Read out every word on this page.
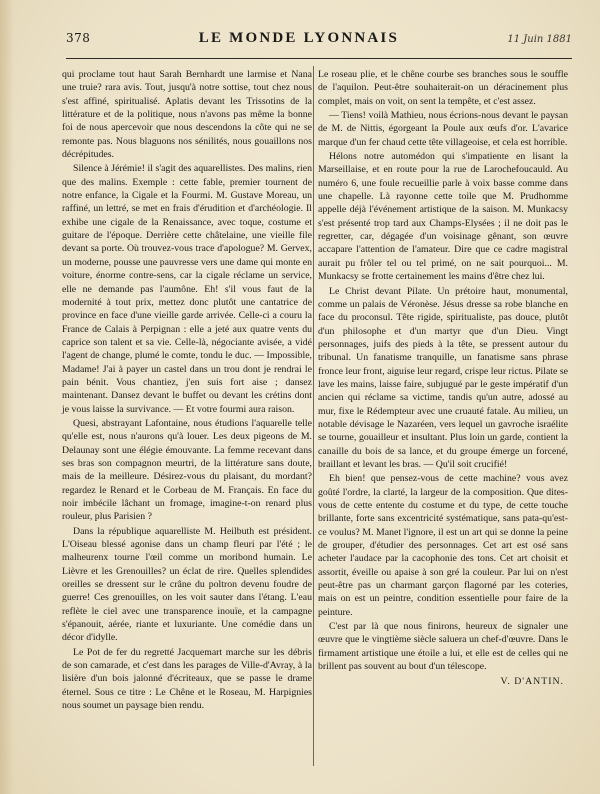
378	LE MONDE LYONNAIS	11 Juin 1881

qui proclame tout haut Sarah Bernhardt une larmise et Nana une truie? rara avis. Tout, jusqu'à notre sottise, tout chez nous s'est affiné, spiritualisé. Aplatis devant les Trissotins de la littérature et de la politique, nous n'avons pas même la bonne foi de nous apercevoir que nous descendons la côte qui ne se remonte pas. Nous blaguons nos sénilités, nous gouaillons nos décrépitudes.

Silence à Jérémie! il s'agit des aquarellistes. Des malins, rien que des malins. Exemple : cette fable, premier tournent de notre enfance, la Cigale et la Fourmi. M. Gustave Moreau, un raffiné, un lettré, se met en frais d'érudition et d'archéologie. Il exhibe une cigale de la Renaissance, avec toque, costume et guitare de l'époque. Derrière cette châtelaine, une vieille file devant sa porte. Où trouvez-vous trace d'apologue? M. Gervex, un moderne, pousse une pauvresse vers une dame qui monte en voiture, énorme contre-sens, car la cigale réclame un service, elle ne demande pas l'aumône. Eh! s'il vous faut de la modernité à tout prix, mettez donc plutôt une cantatrice de province en face d'une vieille garde arrivée. Celle-ci a couru la France de Calais à Perpignan : elle a jeté aux quatre vents du caprice son talent et sa vie. Celle-là, négociante avisée, a vidé l'agent de change, plumé le comte, tondu le duc. — Impossible, Madame! J'ai à payer un castel dans un trou dont je rendrai le pain bénit. Vous chantiez, j'en suis fort aise ; dansez maintenant. Dansez devant le buffet ou devant les crétins dont je vous laisse la survivance. — Et votre fourmi aura raison.

Quesi, abstrayant Lafontaine, nous étudions l'aquarelle telle qu'elle est, nous n'aurons qu'à louer. Les deux pigeons de M. Delaunay sont une élégie émouvante. La femme recevant dans ses bras son compagnon meurtri, de la littérature sans doute, mais de la meilleure. Désirez-vous du plaisant, du mordant? regardez le Renard et le Corbeau de M. Français. En face du noir imbécile lâchant un fromage, imagine-t-on renard plus rouleur, plus Parisien ?

Dans la république aquarelliste M. Heilbuth est président. L'Oiseau blessé agonise dans un champ fleuri par l'été ; le malheurenx tourne l'œil comme un moribond humain. Le Lièvre et les Grenouilles? un éclat de rire. Quelles splendides oreilles se dressent sur le crâne du poltron devenu foudre de guerre! Ces grenouilles, on les voit sauter dans l'étang. L'eau reflète le ciel avec une transparence inouïe, et la campagne s'épanouit, aérée, riante et luxuriante. Une comédie dans un décor d'idylle.

Le Pot de fer du regretté Jacquemart marche sur les débris de son camarade, et c'est dans les parages de Ville-d'Avray, à la lisière d'un bois jalonné d'écriteaux, que se passe le drame éternel. Sous ce titre : Le Chêne et le Roseau, M. Harpignies nous soumet un paysage bien rendu.

Le roseau plie, et le chêne courbe ses branches sous le souffle de l'aquilon. Peut-être souhaiterait-on un déracinement plus complet, mais on voit, on sent la tempête, et c'est assez.

— Tiens! voilà Mathieu, nous écrions-nous devant le paysan de M. de Nittis, égorgeant la Poule aux œufs d'or. L'avarice marque d'un fer chaud cette tête villageoise, et cela est horrible.

Hélons notre automédon qui s'impatiente en lisant la Marseillaise, et en route pour la rue de Larochefoucauld. Au numéro 6, une foule recueillie parle à voix basse comme dans une chapelle. Là rayonne cette toile que M. Prudhomme appelle déjà l'événement artistique de la saison. M. Munkacsy s'est présenté trop tard aux Champs-Elysées ; il ne doit pas le regretter, car, dégagée d'un voisinage gênant, son œuvre accapare l'attention de l'amateur. Dire que ce cadre magistral aurait pu frôler tel ou tel primé, on ne sait pourquoi... M. Munkacsy se frotte certainement les mains d'être chez lui.

Le Christ devant Pilate. Un prétoire haut, monumental, comme un palais de Véronèse. Jésus dresse sa robe blanche en face du proconsul. Tête rigide, spiritualiste, pas douce, plutôt d'un philosophe et d'un martyr que d'un Dieu. Vingt personnages, juifs des pieds à la tête, se pressent autour du tribunal. Un fanatisme tranquille, un fanatisme sans phrase fronce leur front, aiguise leur regard, crispe leur rictus. Pilate se lave les mains, laisse faire, subjugué par le geste impératif d'un ancien qui réclame sa victime, tandis qu'un autre, adossé au mur, fixe le Rédempteur avec une cruauté fatale. Au milieu, un notable dévisage le Nazaréen, vers lequel un gavroche israélite se tourne, gouailleur et insultant. Plus loin un garde, contient la canaille du bois de sa lance, et du groupe émerge un forcené, braillant et levant les bras. — Qu'il soit crucifié!

Eh bien! que pensez-vous de cette machine? vous avez goûté l'ordre, la clarté, la largeur de la composition. Que dites-vous de cette entente du costume et du type, de cette touche brillante, forte sans excentricité systématique, sans pata-qu'est-ce voulus? M. Manet l'ignore, il est un art qui se donne la peine de grouper, d'étudier des personnages. Cet art est osé sans acheter l'audace par la cacophonie des tons. Cet art choisit et assortit, éveille ou apaise à son gré la couleur. Par lui on n'est peut-être pas un charmant garçon flagorné par les coteries, mais on est un peintre, condition essentielle pour faire de la peinture.

C'est par là que nous finirons, heureux de signaler une œuvre que le vingtième siècle saluera un chef-d'œuvre. Dans le firmament artistique une étoile a lui, et elle est de celles qui ne brillent pas souvent au bout d'un télescope.

V. D'ANTIN.
